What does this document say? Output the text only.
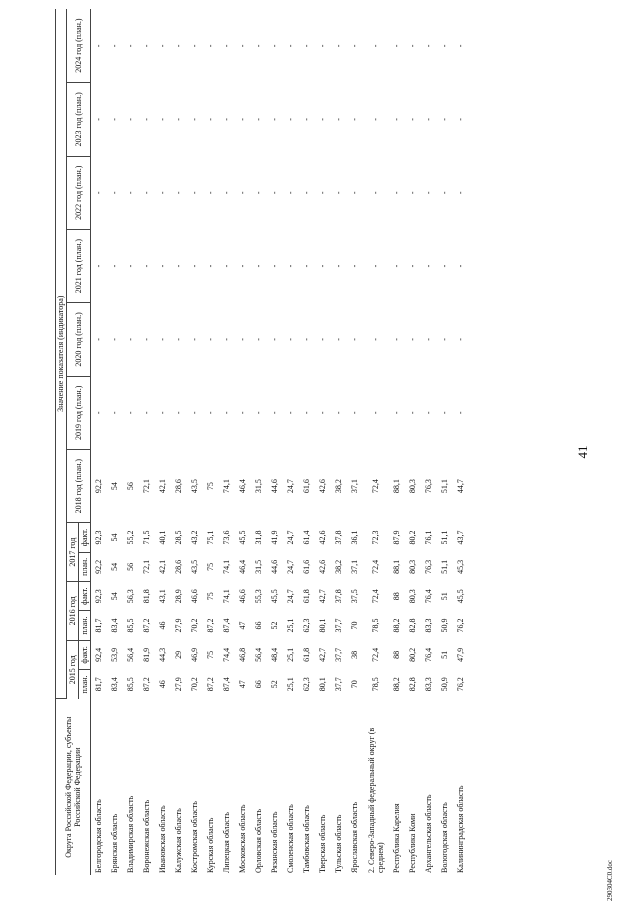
41
290304С0.doc
Округа Российской Федерации, субъекты Российской Федерации	Значение показателя (индикатора)												
	2015 год		2016 год		2017 год		2018 год (план.)	2019 год (план.)	2020 год (план.)	2021 год (план.)	2022 год (план.)	2023 год (план.)	2024 год (план.)
	план.	факт.	план.	факт.	план.	факт.							
Белгородская область	81,7	92,4	81,7	92,3	92,2	92,3	92,2	-	-	-	-	-	-
Брянская область	83,4	53,9	83,4	54	54	54	54	-	-	-	-	-	-
Владимирская область	85,5	56,4	85,5	56,3	56	55,2	56	-	-	-	-	-	-
Воронежская область	87,2	81,9	87,2	81,8	72,1	71,5	72,1	-	-	-	-	-	-
Ивановская область	46	44,3	46	43,1	42,1	40,1	42,1	-	-	-	-	-	-
Калужская область	27,9	29	27,9	28,9	28,6	28,5	28,6	-	-	-	-	-	-
Костромская область	70,2	46,9	70,2	46,6	43,5	43,2	43,5	-	-	-	-	-	-
Курская область	87,2	75	87,2	75	75	75,1	75	-	-	-	-	-	-
Липецкая область	87,4	74,4	87,4	74,1	74,1	73,6	74,1	-	-	-	-	-	-
Московская область	47	46,8	47	46,6	46,4	45,5	46,4	-	-	-	-	-	-
Орловская область	66	56,4	66	55,3	31,5	31,8	31,5	-	-	-	-	-	-
Рязанская область	52	48,4	52	45,5	44,6	41,9	44,6	-	-	-	-	-	-
Смоленская область	25,1	25,1	25,1	24,7	24,7	24,7	24,7	-	-	-	-	-	-
Тамбовская область	62,3	61,8	62,3	61,8	61,6	61,4	61,6	-	-	-	-	-	-
Тверская область	80,1	42,7	80,1	42,7	42,6	42,6	42,6	-	-	-	-	-	-
Тульская область	37,7	37,7	37,7	37,8	38,2	37,8	38,2	-	-	-	-	-	-
Ярославская область	70	38	70	37,5	37,1	36,1	37,1	-	-	-	-	-	-
2. Северо-Западный федеральный округ (в среднем)	78,5	72,4	78,5	72,4	72,4	72,3	72,4	-	-	-	-	-	-
Республика Карелия	88,2	88	88,2	88	88,1	87,9	88,1	-	-	-	-	-	-
Республика Коми	82,8	80,2	82,8	80,3	80,3	80,2	80,3	-	-	-	-	-	-
Архангельская область	83,3	76,4	83,3	76,4	76,3	76,1	76,3	-	-	-	-	-	-
Вологодская область	50,9	51	50,9	51	51,1	51,1	51,1	-	-	-	-	-	-
Калининградская область	76,2	47,9	76,2	45,5	45,3	43,7	44,7	-	-	-	-	-	-
